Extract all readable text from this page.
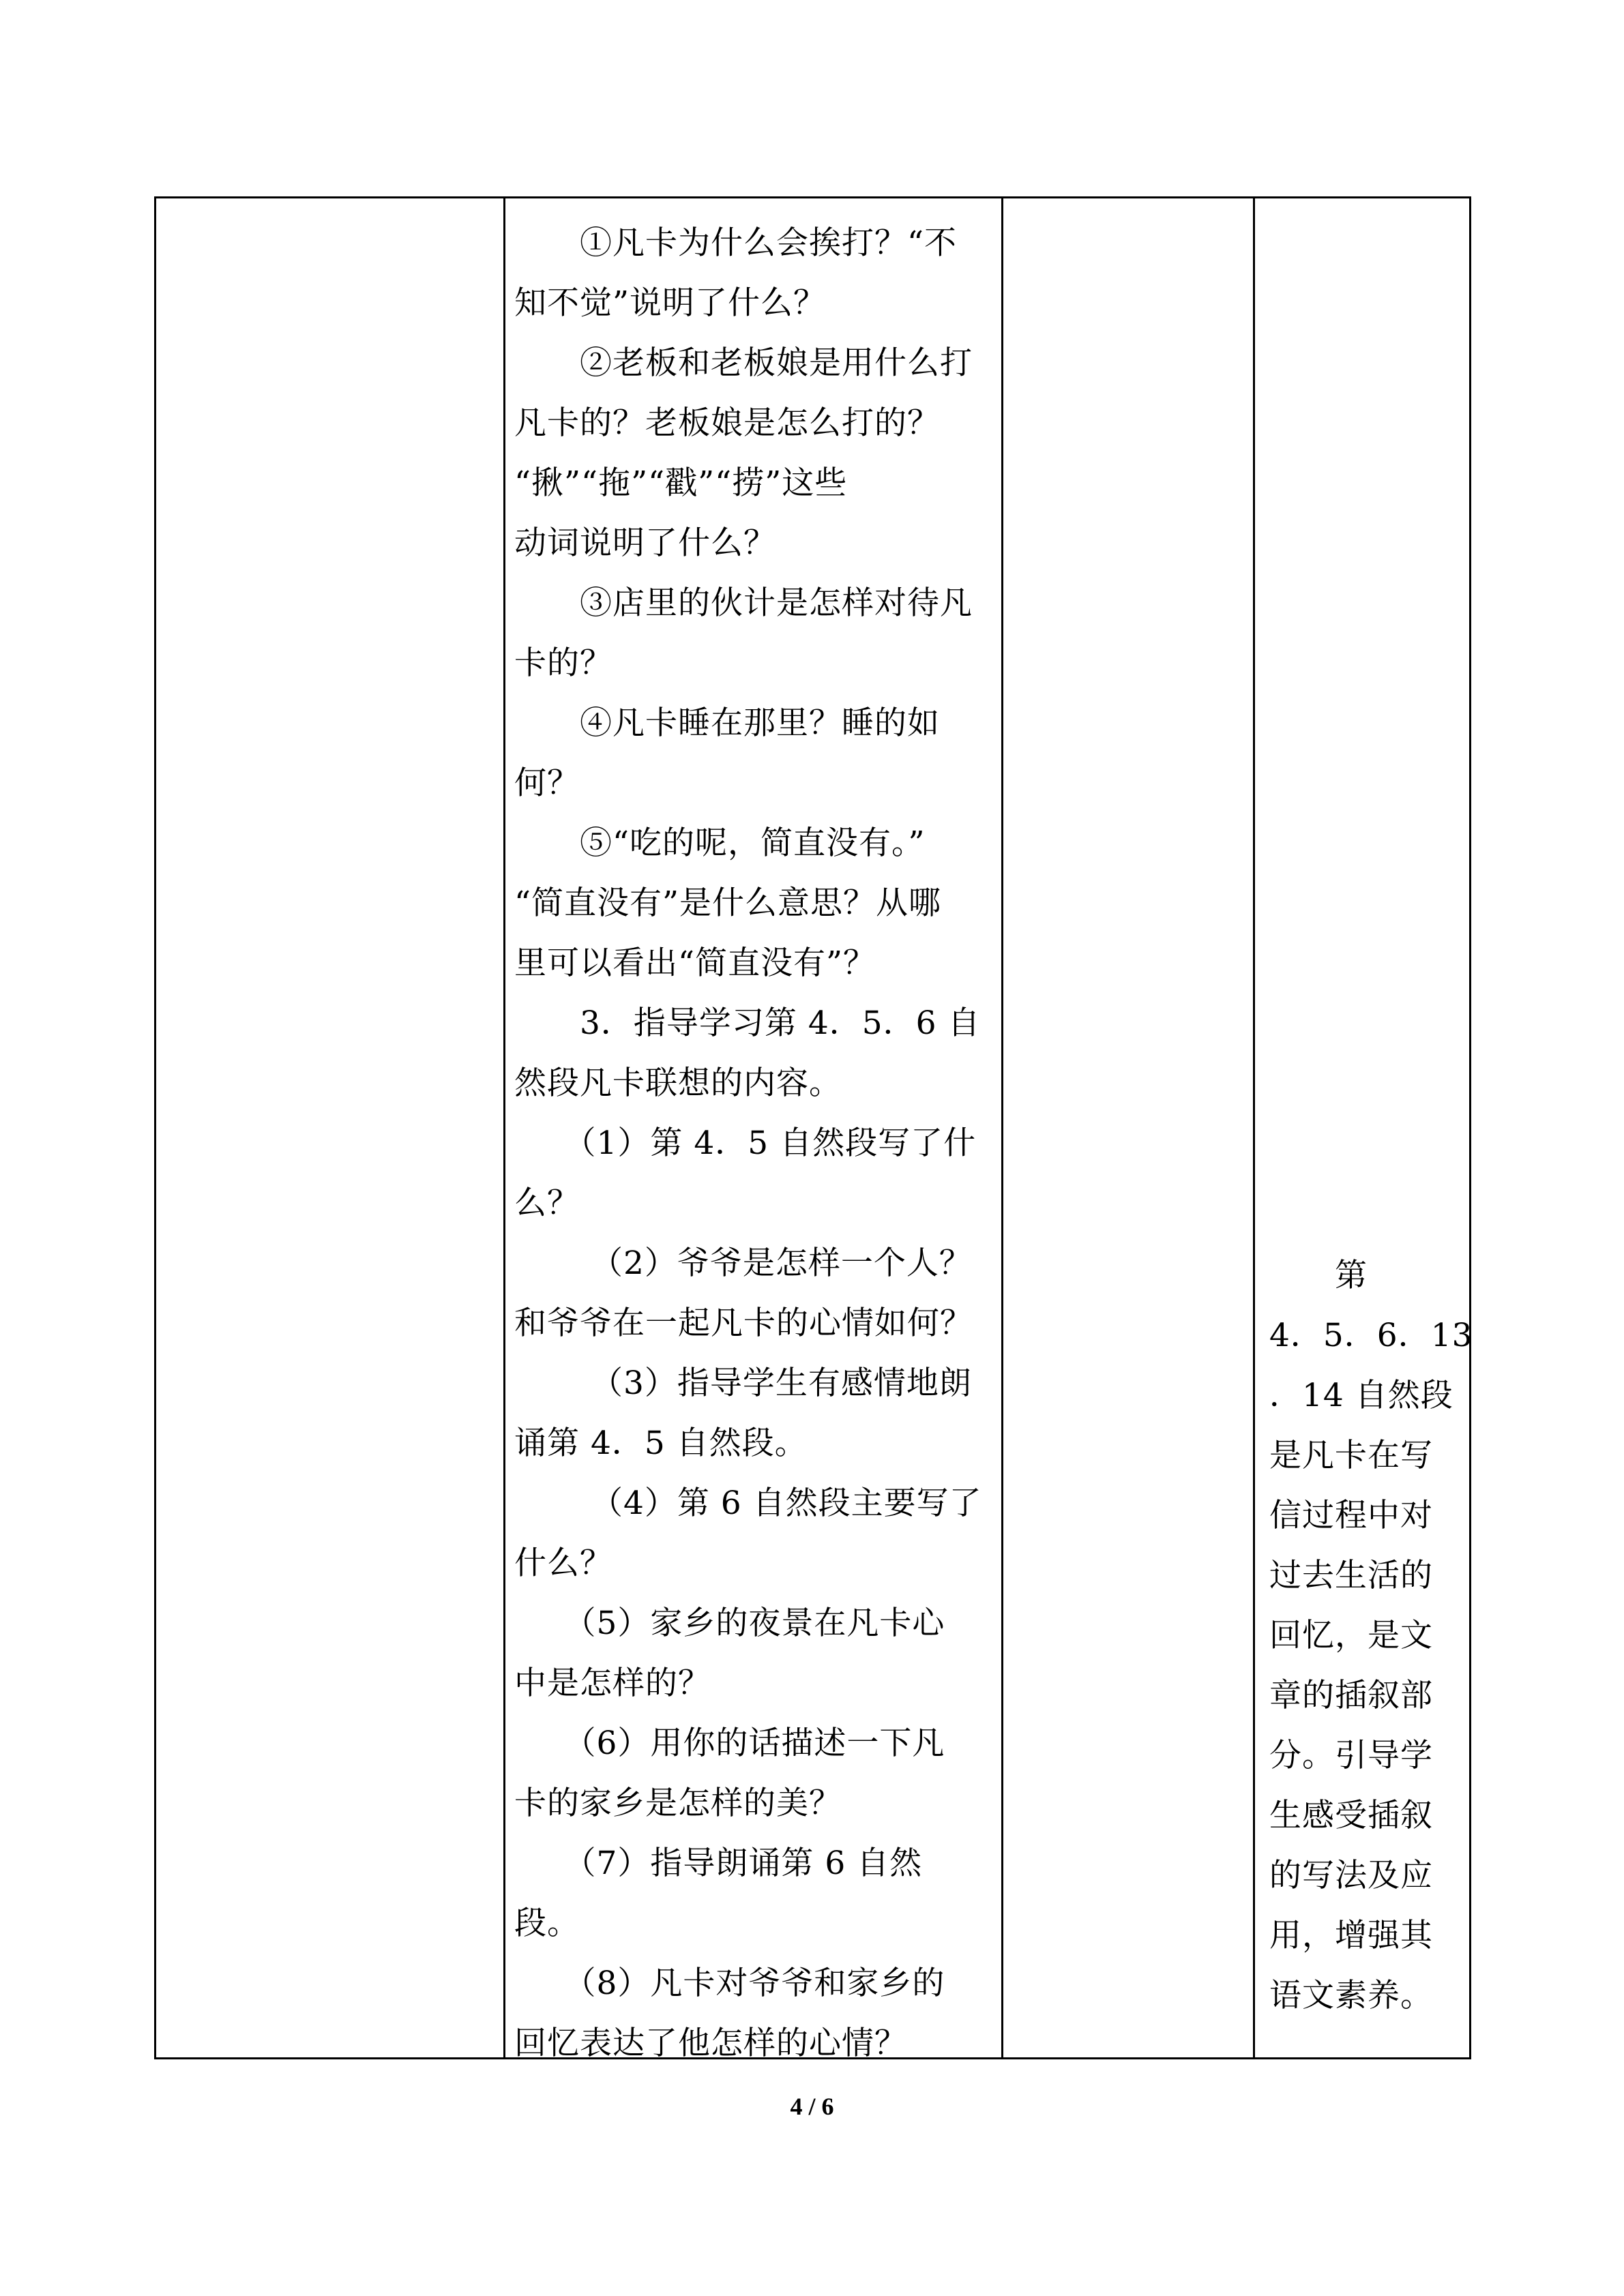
　　①凡卡为什么会挨打？“不
知不觉”说明了什么？
　　②老板和老板娘是用什么打
凡卡的？老板娘是怎么打的？
“揪”“拖”“戳”“捞”这些
动词说明了什么？
　　③店里的伙计是怎样对待凡
卡的？
　　④凡卡睡在那里？睡的如
何？
　　⑤“吃的呢，简直没有。”
“简直没有”是什么意思？从哪
里可以看出“简直没有”？
　　3．指导学习第 4．5．6 自
然段凡卡联想的内容。
　　（1）第 4．5 自然段写了什
么？
　　 （2）爷爷是怎样一个人？
和爷爷在一起凡卡的心情如何？
　　 （3）指导学生有感情地朗
诵第 4．5 自然段。
　　 （4）第 6 自然段主要写了
什么？
　　（5）家乡的夜景在凡卡心
中是怎样的？
　　（6）用你的话描述一下凡
卡的家乡是怎样的美？
　　（7）指导朗诵第 6 自然
段。
　　（8）凡卡对爷爷和家乡的
回忆表达了他怎样的心情？
　　第
4．5．6．13
．14 自然段
是凡卡在写
信过程中对
过去生活的
回忆，是文
章的插叙部
分。引导学
生感受插叙
的写法及应
用，增强其
语文素养。
4 / 6
